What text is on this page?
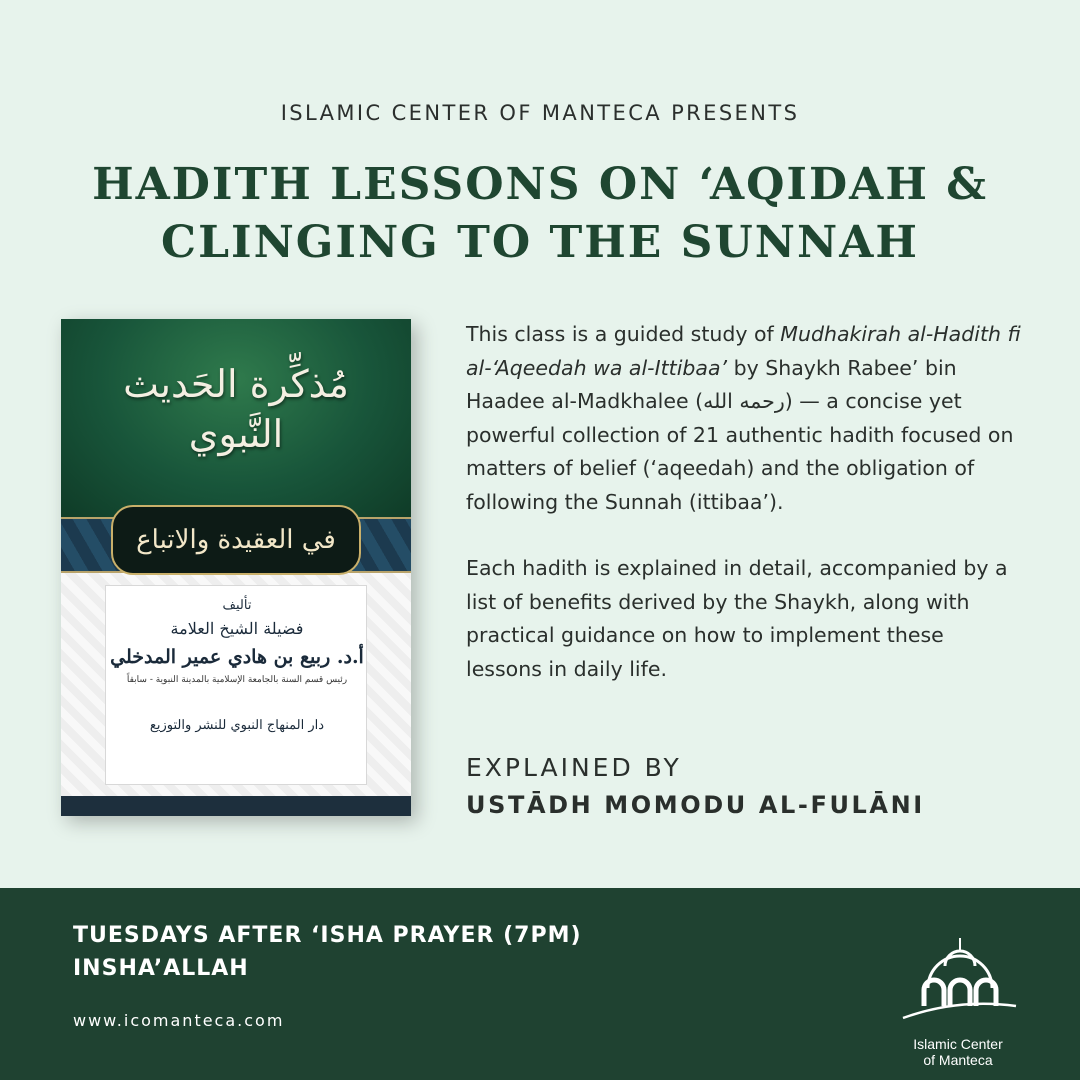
ISLAMIC CENTER OF MANTECA PRESENTS
HADITH LESSONS ON ‘AQIDAH &
CLINGING TO THE SUNNAH
مُذكِّرة الحَديث النَّبوي
في العقيدة والاتباع
تأليف
فضيلة الشيخ العلامة
أ.د. ربيع بن هادي عمير المدخلي
رئيس قسم السنة بالجامعة الإسلامية بالمدينة النبوية - سابقاً
دار المنهاج النبوي للنشر والتوزيع

This class is a guided study of Mudhakirah al-Hadith fi al-‘Aqeedah wa al-Ittibaa’ by Shaykh Rabee’ bin Haadee al-Madkhalee (رحمه الله) — a concise yet powerful collection of 21 authentic hadith focused on matters of belief (‘aqeedah) and the obligation of following the Sunnah (ittibaa’).

Each hadith is explained in detail, accompanied by a list of benefits derived by the Shaykh, along with practical guidance on how to implement these lessons in daily life.

EXPLAINED BY
USTĀDH MOMODU AL-FULĀNI
TUESDAYS AFTER ‘ISHA PRAYER (7PM)
INSHA’ALLAH
www.icomanteca.com
Islamic Center
of Manteca
